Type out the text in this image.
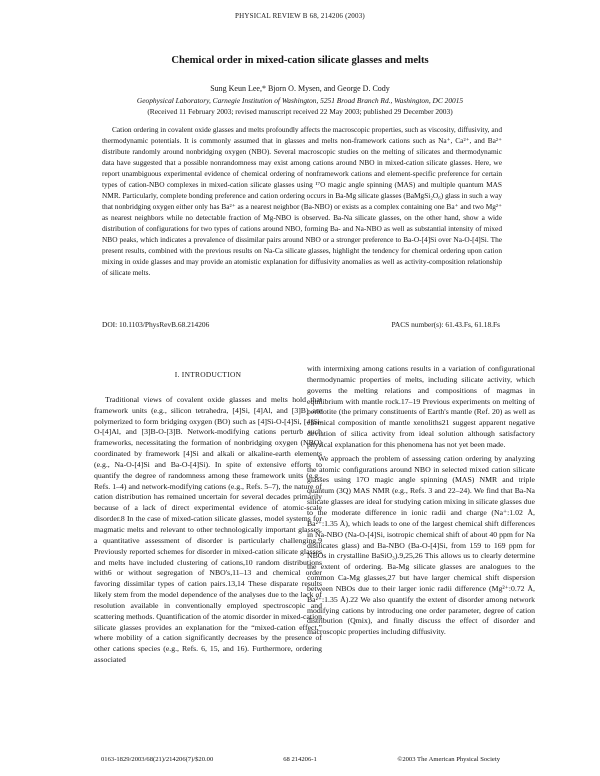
PHYSICAL REVIEW B 68, 214206 (2003)
Chemical order in mixed-cation silicate glasses and melts
Sung Keun Lee,* Bjorn O. Mysen, and George D. Cody
Geophysical Laboratory, Carnegie Institution of Washington, 5251 Broad Branch Rd., Washington, DC 20015
(Received 11 February 2003; revised manuscript received 22 May 2003; published 29 December 2003)

Cation ordering in covalent oxide glasses and melts profoundly affects the macroscopic properties, such as viscosity, diffusivity, and thermodynamic potentials. It is commonly assumed that in glasses and melts non-framework cations such as Na⁺, Ca²⁺, and Ba²⁺ distribute randomly around nonbridging oxygen (NBO). Several macroscopic studies on the melting of silicates and thermodynamic data have suggested that a possible nonrandomness may exist among cations around NBO in mixed-cation silicate glasses. Here, we report unambiguous experimental evidence of chemical ordering of nonframework cations and element-specific preference for certain types of cation-NBO complexes in mixed-cation silicate glasses using ¹⁷O magic angle spinning (MAS) and multiple quantum MAS NMR. Particularly, complete bonding preference and cation ordering occurs in Ba-Mg silicate glasses (BaMgSi₂O₆) glass in such a way that nonbridging oxygen either only has Ba²⁺ as a nearest neighbor (Ba-NBO) or exists as a complex containing one Ba⁺ and two Mg²⁺ as nearest neighbors while no detectable fraction of Mg-NBO is observed. Ba-Na silicate glasses, on the other hand, show a wide distribution of configurations for two types of cations around NBO, forming Ba- and Na-NBO as well as substantial intensity of mixed NBO peaks, which indicates a prevalence of dissimilar pairs around NBO or a stronger preference to Ba-O-[4]Si over Na-O-[4]Si. The present results, combined with the previous results on Na-Ca silicate glasses, highlight the tendency for chemical ordering upon cation mixing in oxide glasses and may provide an atomistic explanation for diffusivity anomalies as well as activity-composition relationship of silicate melts.

DOI: 10.1103/PhysRevB.68.214206	PACS number(s): 61.43.Fs, 61.18.Fs

I. INTRODUCTION

Traditional views of covalent oxide glasses and melts hold that framework units (e.g., silicon tetrahedra, [4]Si, [4]Al, and [3]B) are polymerized to form bridging oxygen (BO) such as [4]Si-O-[4]Si, [4]Si-O-[4]Al, and [3]B-O-[3]B. Network-modifying cations perturb such frameworks, necessitating the formation of nonbridging oxygen (NBO) coordinated by framework [4]Si and alkali or alkaline-earth elements (e.g., Na-O-[4]Si and Ba-O-[4]Si). In spite of extensive efforts to quantify the degree of randomness among these framework units (e.g., Refs. 1–4) and network-modifying cations (e.g., Refs. 5–7), the nature of cation distribution has remained uncertain for several decades primarily because of a lack of direct experimental evidence of atomic-scale disorder.8 In the case of mixed-cation silicate glasses, model systems for magmatic melts and relevant to other technologically important glasses, a quantitative assessment of disorder is particularly challenging.9 Previously reported schemes for disorder in mixed-cation silicate glasses and melts have included clustering of cations,10 random distributions with6 or without segregation of NBO's,11–13 and chemical order favoring dissimilar types of cation pairs.13,14 These disparate results likely stem from the model dependence of the analyses due to the lack of resolution available in conventionally employed spectroscopic and scattering methods. Quantification of the atomic disorder in mixed-cation silicate glasses provides an explanation for the “mixed-cation effect,” where mobility of a cation significantly decreases by the presence of other cations species (e.g., Refs. 6, 15, and 16). Furthermore, ordering associated

with intermixing among cations results in a variation of configurational thermodynamic properties of melts, including silicate activity, which governs the melting relations and compositions of magmas in equilibrium with mantle rock.17–19 Previous experiments on melting of peridotite (the primary constituents of Earth's mantle (Ref. 20) as well as chemical composition of mantle xenoliths21 suggest apparent negative deviation of silica activity from ideal solution although satisfactory physical explanation for this phenomena has not yet been made.

We approach the problem of assessing cation ordering by analyzing the atomic configurations around NBO in selected mixed cation silicate glasses using 17O magic angle spinning (MAS) NMR and triple quantum (3Q) MAS NMR (e.g., Refs. 3 and 22–24). We find that Ba-Na silicate glasses are ideal for studying cation mixing in silicate glasses due to the moderate difference in ionic radii and charge (Na⁺:1.02 Å, Ba²⁺:1.35 Å), which leads to one of the largest chemical shift differences in Na-NBO (Na-O-[4]Si, isotropic chemical shift of about 40 ppm for Na disilicates glass) and Ba-NBO (Ba-O-[4]Si, from 159 to 169 ppm for NBOs in crystalline BaSiO₃).9,25,26 This allows us to clearly determine the extent of ordering. Ba-Mg silicate glasses are analogues to the common Ca-Mg glasses,27 but have larger chemical shift dispersion between NBOs due to their larger ionic radii difference (Mg²⁺:0.72 Å, Ba²⁺:1.35 Å).22 We also quantify the extent of disorder among network modifying cations by introducing one order parameter, degree of cation distribution (Qmix), and finally discuss the effect of disorder and macroscopic properties including diffusivity.

0163-1829/2003/68(21)/214206(7)/$20.00	68 214206-1	©2003 The American Physical Society
